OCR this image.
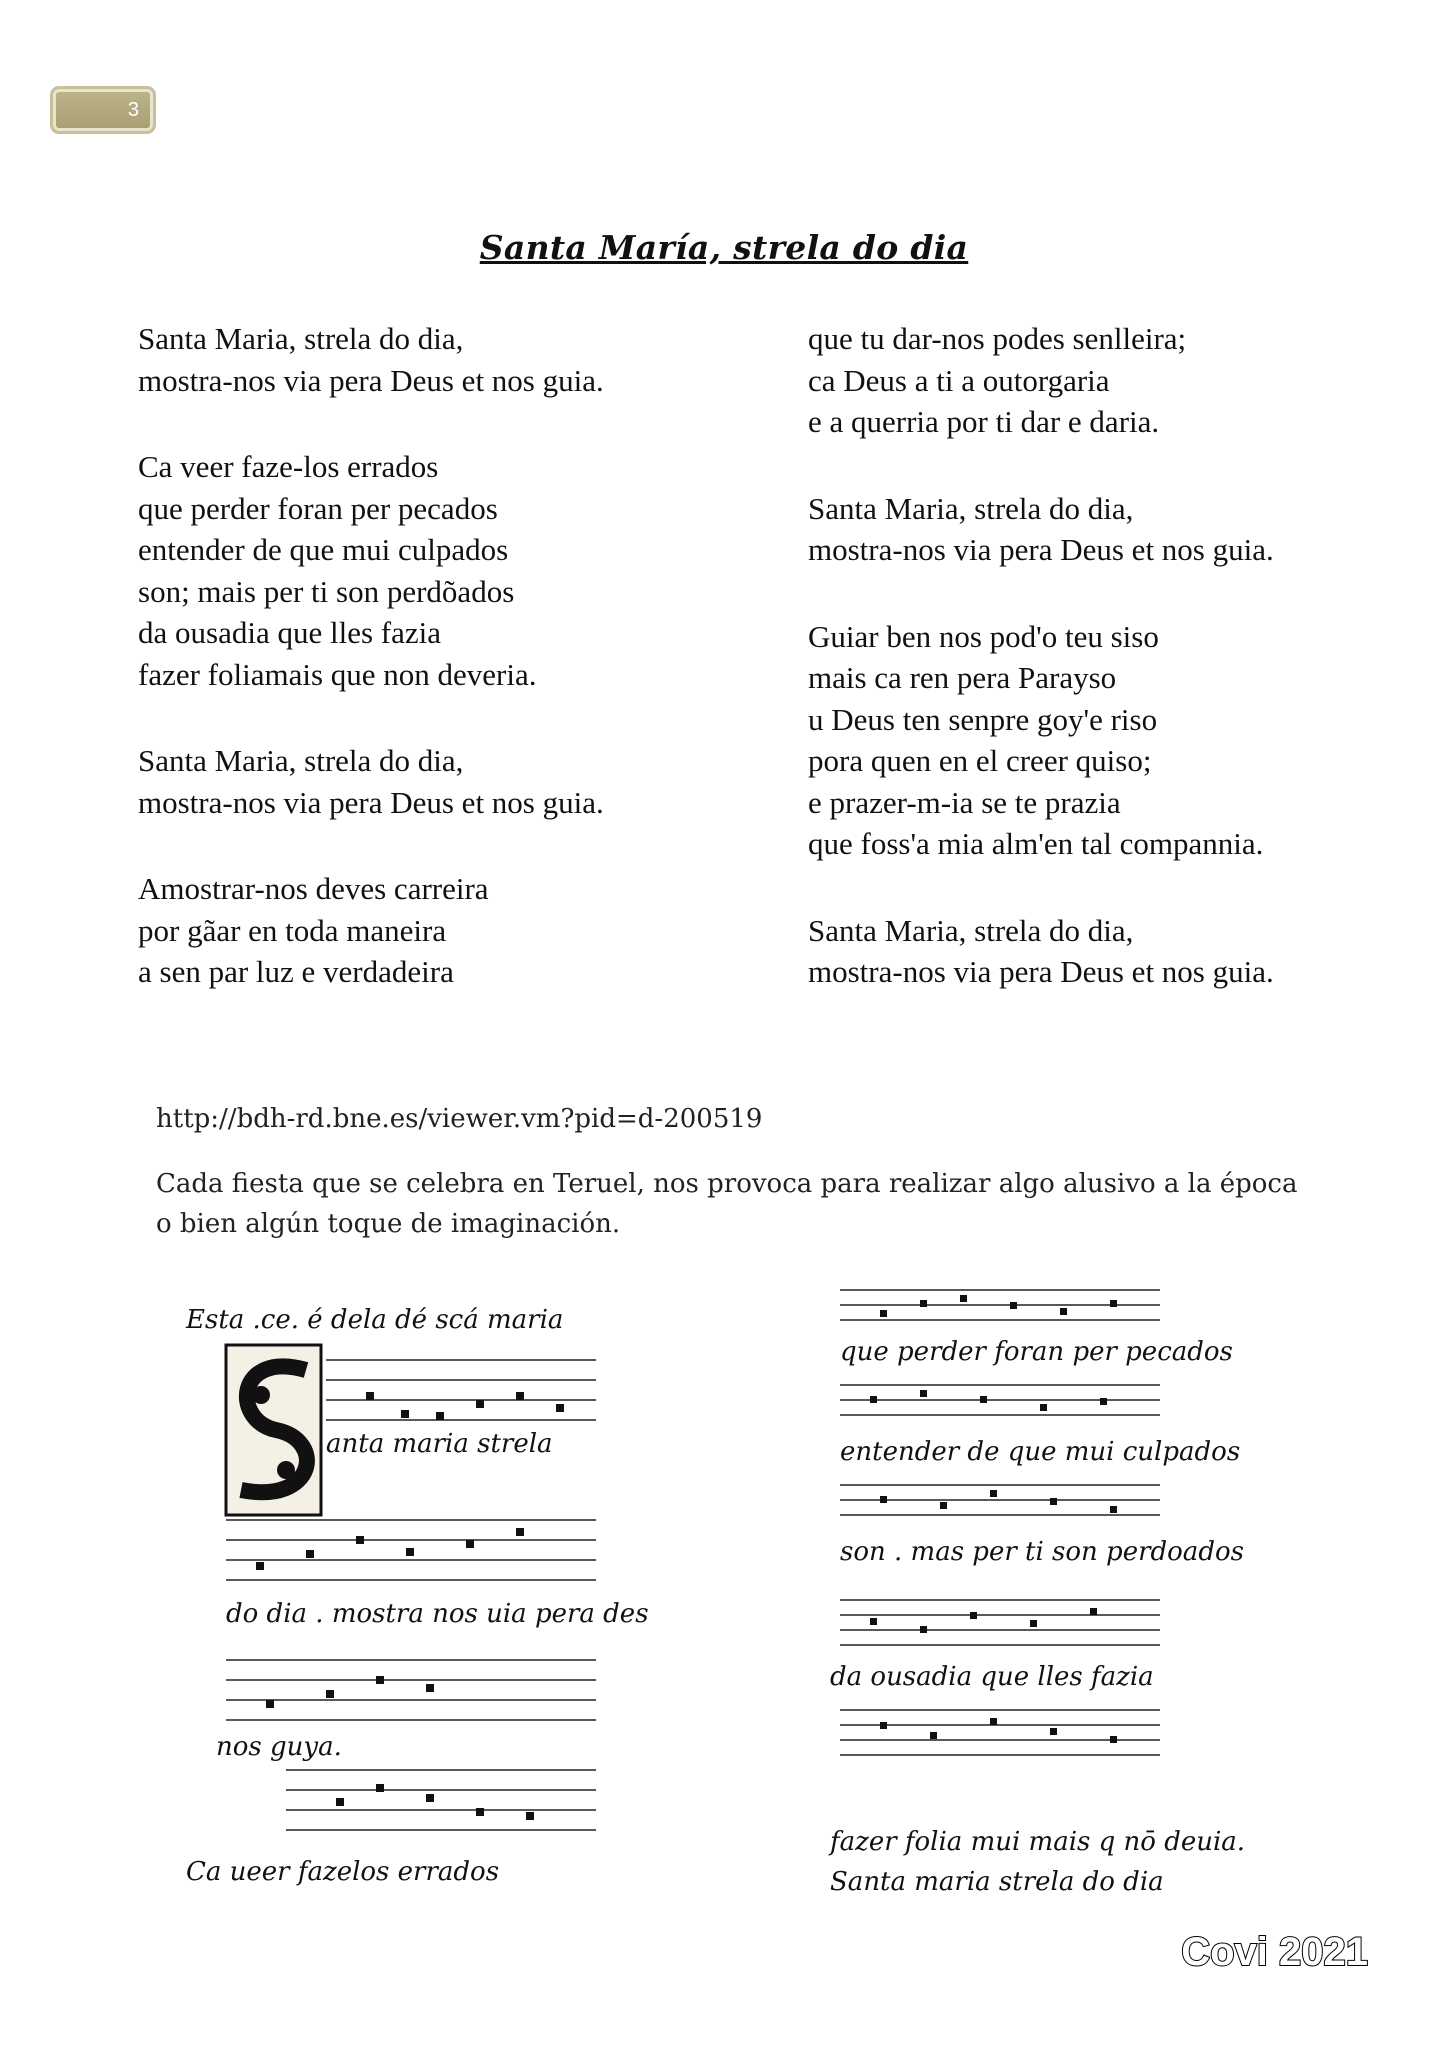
3
Santa María, strela do dia
Santa Maria, strela do dia,
mostra-nos via pera Deus et nos guia.
Ca veer faze-los errados
que perder foran per pecados
entender de que mui culpados
son; mais per ti son perdõados
da ousadia que lles fazia
fazer foliamais que non deveria.
Santa Maria, strela do dia,
mostra-nos via pera Deus et nos guia.
Amostrar-nos deves carreira
por gãar en toda maneira
a sen par luz e verdadeira
que tu dar-nos podes senlleira;
ca Deus a ti a outorgaria
e a querria por ti dar e daria.
Santa Maria, strela do dia,
mostra-nos via pera Deus et nos guia.
Guiar ben nos pod'o teu siso
mais ca ren pera Parayso
u Deus ten senpre goy'e riso
pora quen en el creer quiso;
e prazer-m-ia se te prazia
que foss'a mia alm'en tal compannia.
Santa Maria, strela do dia,
mostra-nos via pera Deus et nos guia.
http://bdh-rd.bne.es/viewer.vm?pid=d-200519
Cada fiesta que se celebra en Teruel, nos provoca para realizar algo alusivo a la época o bien algún toque de imaginación.
Esta .ce. é dela dé scá maria
anta maria strela
do dia . mostra nos uia pera des
nos guya.
Ca ueer fazelos errados
que perder foran per pecados
entender de que mui culpados
son . mas per ti son perdoados
da ousadia que lles fazia
fazer folia mui mais q nō deuia.
Santa maria strela do dia
Covi 2021
